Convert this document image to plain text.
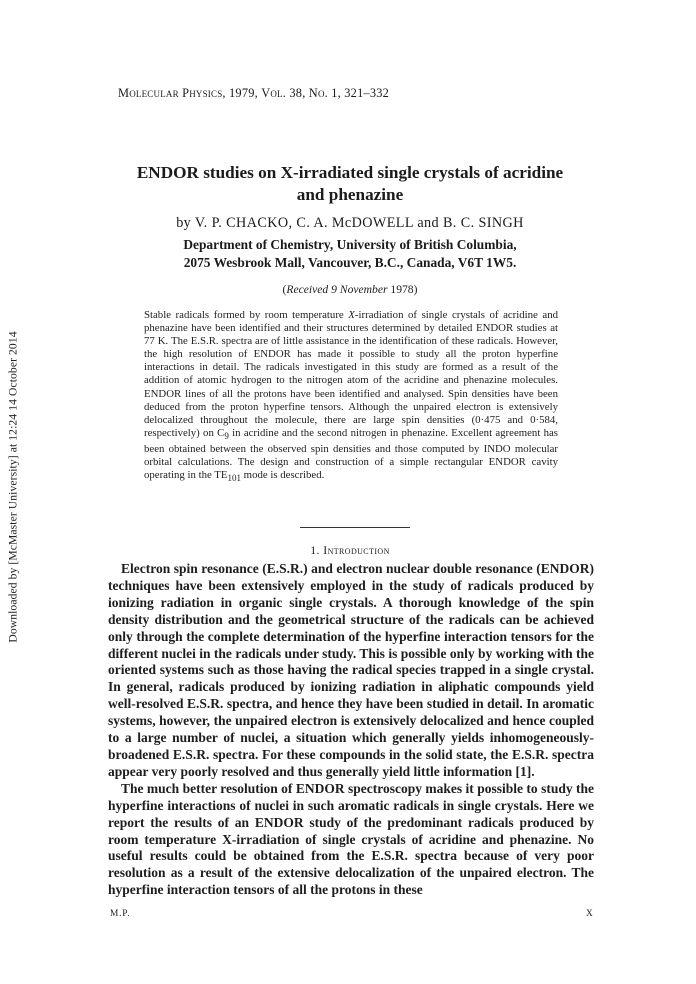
Downloaded by [McMaster University] at 12:24 14 October 2014
Molecular Physics, 1979, Vol. 38, No. 1, 321–332
ENDOR studies on X-irradiated single crystals of acridine
and phenazine
by V. P. CHACKO, C. A. McDOWELL and B. C. SINGH
Department of Chemistry, University of British Columbia,
2075 Wesbrook Mall, Vancouver, B.C., Canada, V6T 1W5.
(Received 9 November 1978)
Stable radicals formed by room temperature X-irradiation of single crystals of acridine and phenazine have been identified and their structures determined by detailed ENDOR studies at 77 K. The E.S.R. spectra are of little assistance in the identification of these radicals. However, the high resolution of ENDOR has made it possible to study all the proton hyperfine interactions in detail. The radicals investigated in this study are formed as a result of the addition of atomic hydrogen to the nitrogen atom of the acridine and phenazine molecules. ENDOR lines of all the protons have been identified and analysed. Spin densities have been deduced from the proton hyperfine tensors. Although the unpaired electron is extensively delocalized throughout the molecule, there are large spin densities (0·475 and 0·584, respectively) on $C_9$ in acridine and the second nitrogen in phenazine. Excellent agreement has been obtained between the observed spin densities and those computed by INDO molecular orbital calculations. The design and construction of a simple rectangular ENDOR cavity operating in the $TE_{101}$ mode is described.
1. Introduction

Electron spin resonance (E.S.R.) and electron nuclear double resonance (ENDOR) techniques have been extensively employed in the study of radicals produced by ionizing radiation in organic single crystals. A thorough knowledge of the spin density distribution and the geometrical structure of the radicals can be achieved only through the complete determination of the hyperfine interaction tensors for the different nuclei in the radicals under study. This is possible only by working with the oriented systems such as those having the radical species trapped in a single crystal. In general, radicals produced by ionizing radiation in aliphatic compounds yield well-resolved E.S.R. spectra, and hence they have been studied in detail. In aromatic systems, however, the unpaired electron is extensively delocalized and hence coupled to a large number of nuclei, a situation which generally yields inhomogeneously-broadened E.S.R. spectra. For these compounds in the solid state, the E.S.R. spectra appear very poorly resolved and thus generally yield little information [1].

The much better resolution of ENDOR spectroscopy makes it possible to study the hyperfine interactions of nuclei in such aromatic radicals in single crystals. Here we report the results of an ENDOR study of the predominant radicals produced by room temperature X-irradiation of single crystals of acridine and phenazine. No useful results could be obtained from the E.S.R. spectra because of very poor resolution as a result of the extensive delocalization of the unpaired electron. The hyperfine interaction tensors of all the protons in these

M.P.	X
